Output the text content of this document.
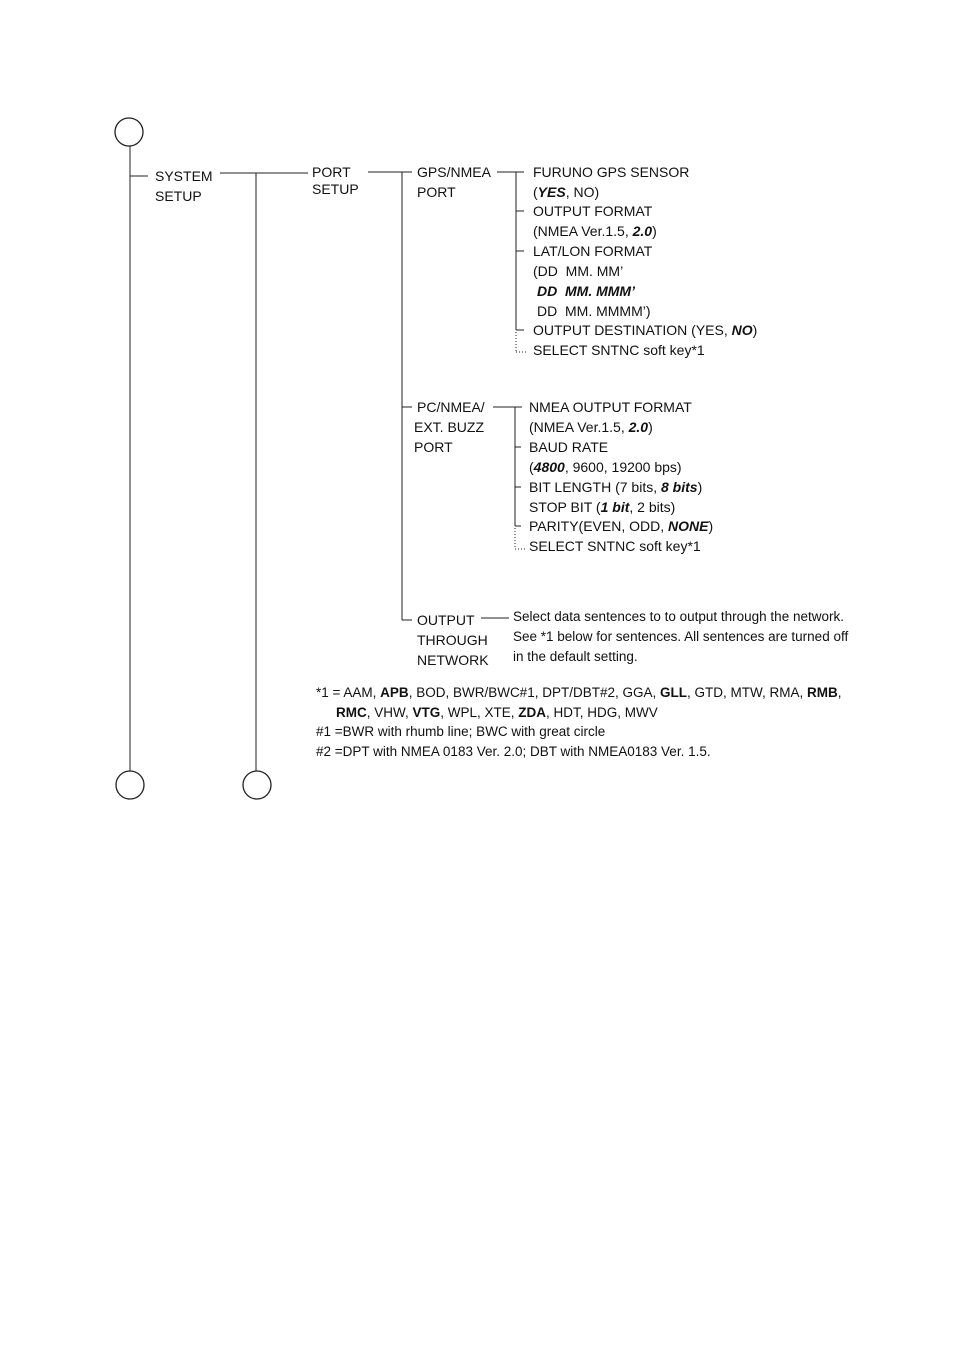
SYSTEM
SETUP
PORT
SETUP
GPS/NMEA
PORT
FURUNO GPS SENSOR
(YES, NO)
OUTPUT FORMAT
(NMEA Ver.1.5, 2.0)
LAT/LON FORMAT
(DD  MM. MM’
DD  MM. MMM’
DD  MM. MMMM’)
OUTPUT DESTINATION (YES, NO)
SELECT SNTNC soft key*1
PC/NMEA/
EXT. BUZZ
PORT
NMEA OUTPUT FORMAT
(NMEA Ver.1.5, 2.0)
BAUD RATE
(4800, 9600, 19200 bps)
BIT LENGTH (7 bits, 8 bits)
STOP BIT (1 bit, 2 bits)
PARITY(EVEN, ODD, NONE)
SELECT SNTNC soft key*1
OUTPUT
THROUGH
NETWORK
Select data sentences to to output through the network.
See *1 below for sentences. All sentences are turned off
in the default setting.
*1 = AAM, APB, BOD, BWR/BWC#1, DPT/DBT#2, GGA, GLL, GTD, MTW, RMA, RMB,
RMC, VHW, VTG, WPL, XTE, ZDA, HDT, HDG, MWV
#1 =BWR with rhumb line; BWC with great circle
#2 =DPT with NMEA 0183 Ver. 2.0; DBT with NMEA0183 Ver. 1.5.
